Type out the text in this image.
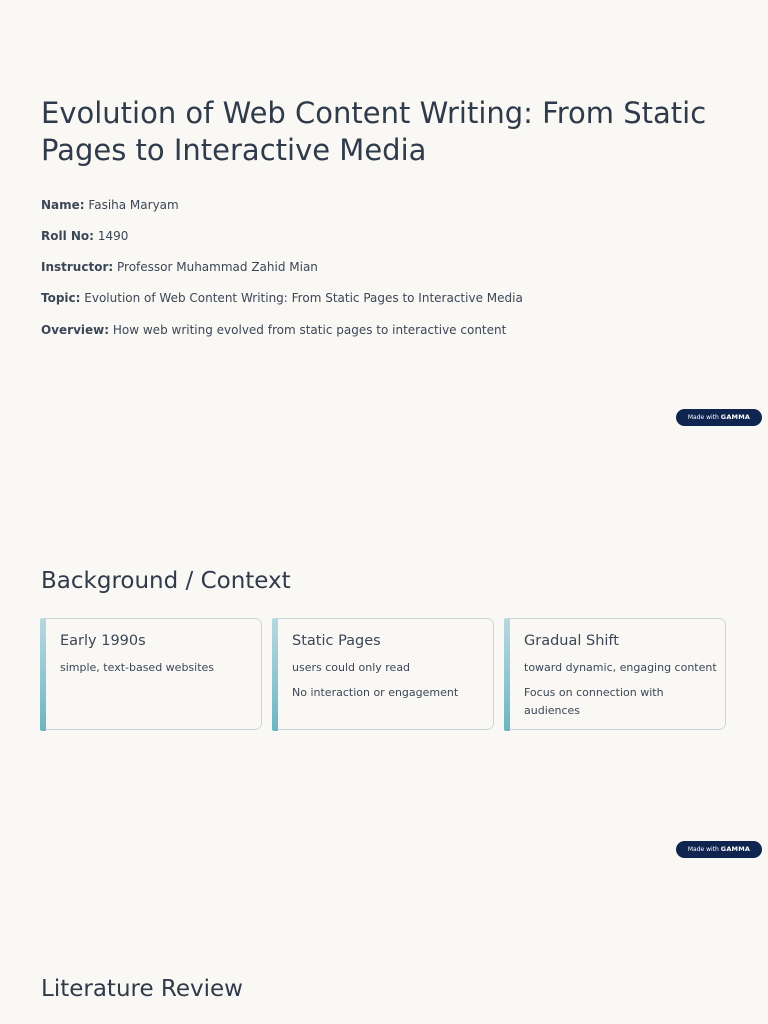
Evolution of Web Content Writing: From Static Pages to Interactive Media

Name: Fasiha Maryam

Roll No: 1490

Instructor: Professor Muhammad Zahid Mian

Topic: Evolution of Web Content Writing: From Static Pages to Interactive Media

Overview: How web writing evolved from static pages to interactive content

Made with GAMMA
Background / Context

Early 1990s

simple, text-based websites

Static Pages

users could only read

No interaction or engagement

Gradual Shift

toward dynamic, engaging content

Focus on connection with audiences

Made with GAMMA
Literature Review
